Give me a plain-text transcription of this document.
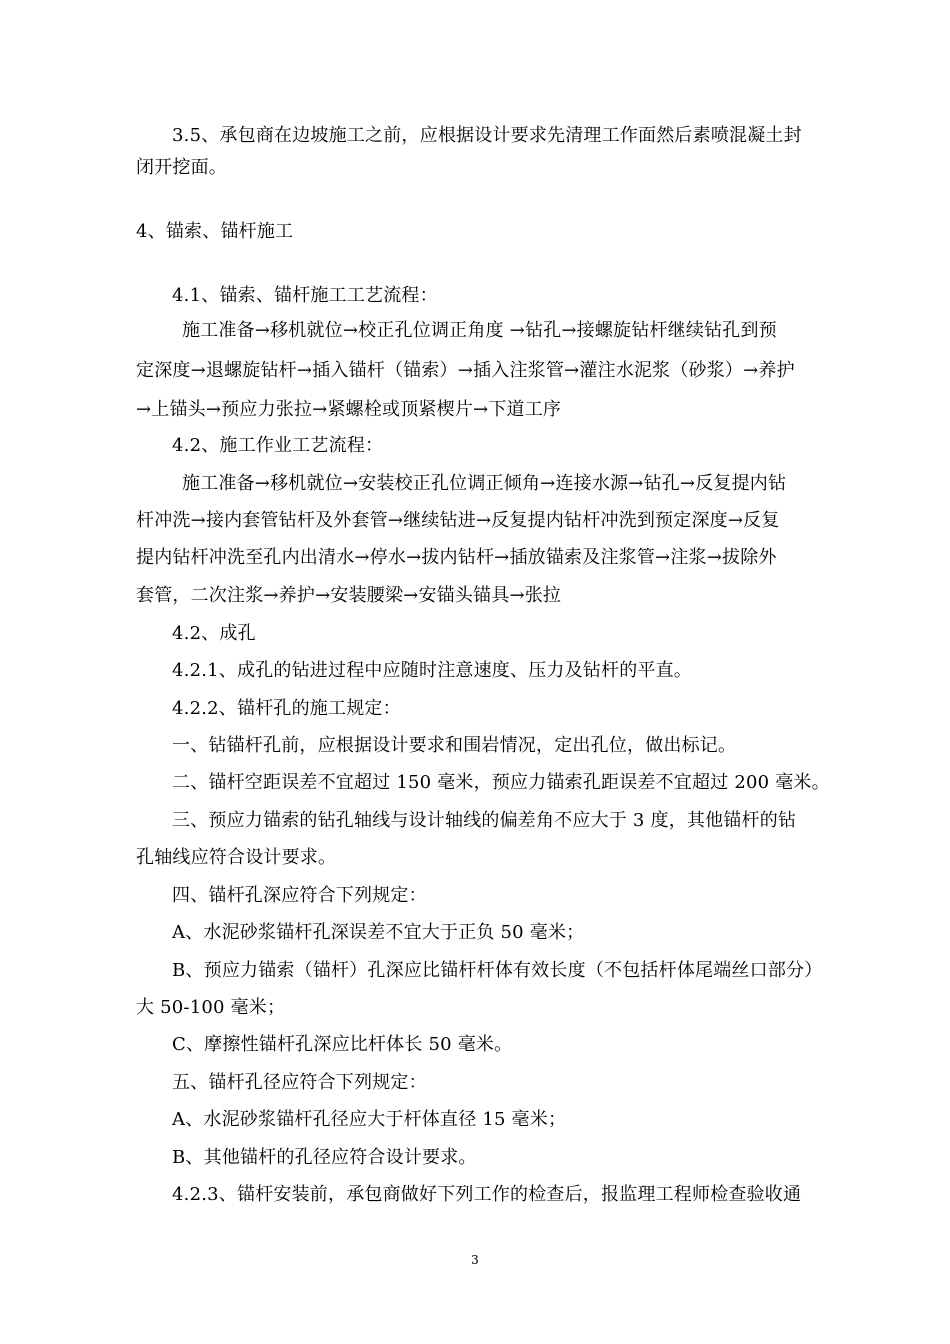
3.5、承包商在边坡施工之前，应根据设计要求先清理工作面然后素喷混凝土封
闭开挖面。
4、锚索、锚杆施工
4.1、锚索、锚杆施工工艺流程：
施工准备→移机就位→校正孔位调正角度 →钻孔→接螺旋钻杆继续钻孔到预
定深度→退螺旋钻杆→插入锚杆（锚索）→插入注浆管→灌注水泥浆（砂浆）→养护
→上锚头→预应力张拉→紧螺栓或顶紧楔片→下道工序
4.2、施工作业工艺流程：
施工准备→移机就位→安装校正孔位调正倾角→连接水源→钻孔→反复提内钻
杆冲洗→接内套管钻杆及外套管→继续钻进→反复提内钻杆冲洗到预定深度→反复
提内钻杆冲洗至孔内出清水→停水→拔内钻杆→插放锚索及注浆管→注浆→拔除外
套管，二次注浆→养护→安装腰梁→安锚头锚具→张拉
4.2、成孔
4.2.1、成孔的钻进过程中应随时注意速度、压力及钻杆的平直。
4.2.2、锚杆孔的施工规定：
一、钻锚杆孔前，应根据设计要求和围岩情况，定出孔位，做出标记。
二、锚杆空距误差不宜超过 150 毫米，预应力锚索孔距误差不宜超过 200 毫米。
三、预应力锚索的钻孔轴线与设计轴线的偏差角不应大于 3 度，其他锚杆的钻
孔轴线应符合设计要求。
四、锚杆孔深应符合下列规定：
A、水泥砂浆锚杆孔深误差不宜大于正负 50 毫米；
B、预应力锚索（锚杆）孔深应比锚杆杆体有效长度（不包括杆体尾端丝口部分）
大 50-100 毫米；
C、摩擦性锚杆孔深应比杆体长 50 毫米。
五、锚杆孔径应符合下列规定：
A、水泥砂浆锚杆孔径应大于杆体直径 15 毫米；
B、其他锚杆的孔径应符合设计要求。
4.2.3、锚杆安装前，承包商做好下列工作的检查后，报监理工程师检查验收通
3
